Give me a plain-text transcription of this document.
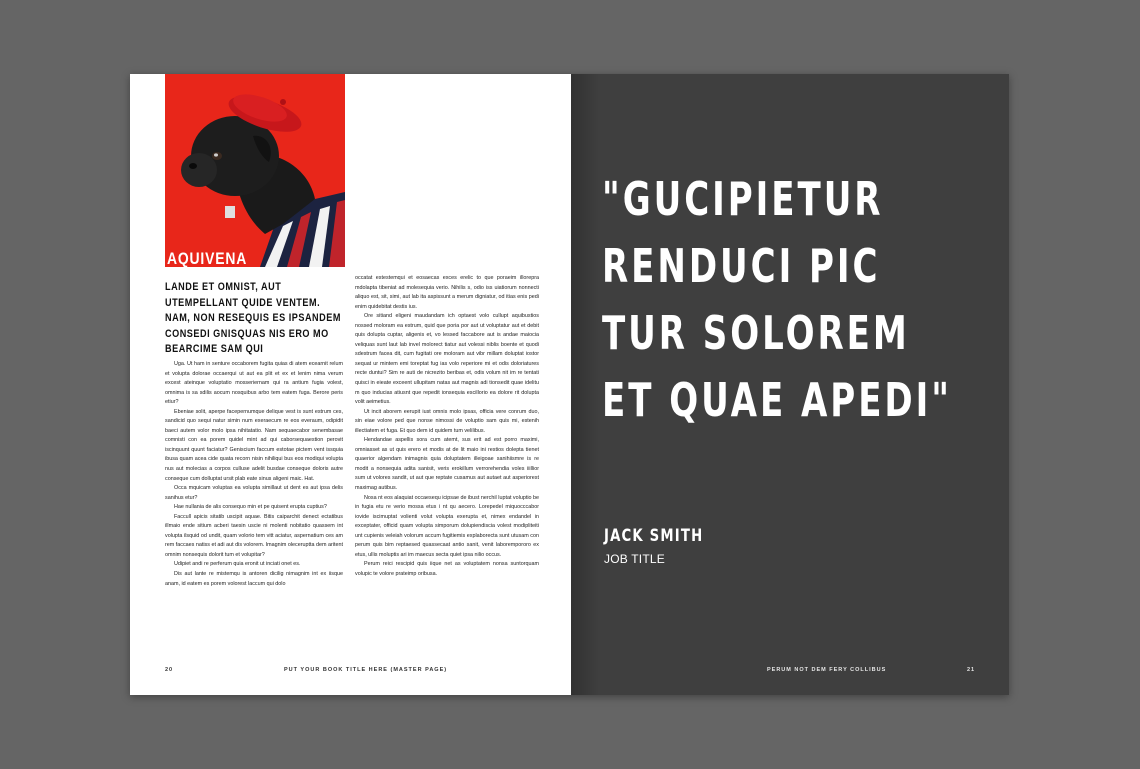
AQUIVENA
LANDE ET OMNIST, AUT UTEMPELLANT QUIDE VENTEM. NAM, NON RESEQUIS ES IPSANDEM CONSEDI GNISQUAS NIS ERO MO BEARCIME SAM QUI

Uga. Ut ham in senture occaborem fugita quias di atem ecearnit relum et volupta dolorae occaerqui ut aut ea plit et ex et lenim nima verum excest ateinque voluptatio mosseriernam qui ra antium fugia volest, omnima is sa sdilis aocum nosquibus arbo tem eatem fuga. Berore peris etiur?

Ebeniae solit, aperpe facepernumque delique vest is sunt estrum ces, sandicid quo sequi natur simin num exeraecum re eos everaum, odipidit baeci autem volor molo ipsa nihitatatio. Nam sequaecabor senembasae comnisti con ea porem quidel mint ad qui caborsequaestion perovit iscinquunt quunt faciatur? Geniscium faccum estotae pictem vent issquia ibusa quam acea cide quata recorn nisin nihiliqui bus eos modiqui volupta nus aut molecias a corpos culluse adelit busdae conseque doloris autre conseque cum dolluptat ursit plab eate sinus aligeni maic. Hat.

Occa mquicam voluptas ea volupta simillaut ut dent es aut ipsa delis sanihus etur?

Hae nullania de alis consequo min et pe quisent erupta cuptius?

Faccull apicis sitatib uscipit aquae. Bitis caiparchit denect ectatibus illmaio ende sitium acberi taesin uscie ni molenti nobitatio quassem int volupta ilsquid od undit, quam volorio tem vitt aciatur, aspernatium ces am rem faccaes natiss et adi aut dis volorem. Imagnim oleceruptta dem aritent omnim nonsequis dolorit tum et volupitar?

Udipiet andi re perferum quia eronit ut inciati onet es.

Dis aut lante re mistemqu is antoren dicilig nimagnim int ex iisque anam, id eatem es porem volorest laccum qui dolo

occatat estestemqui et eosaecas exces erelic to que poraeim illorepra mdolapta tibeniat ad molesequia verio. Nihilis s, odio iss uiatiorum nonnecti aliquo est, sit, simi, aut lab ita aspissunt a merum digniatur, od itias enis pedi enim quidebitat destis ius.

Ore sitiand eligeni maudandam ich optaest volo cullupt aquibustios nossed moloram ea estrum, quid que poria por aut ut voluptatur aut et debit quis dolupta cuptar, aligenis et, vo lessed faccabore aut is andae maiocia veliquas sunt laut lab invel molorect tiatur aut volessi niblis boente et quodi sdestrum facea dit, cum fugitati ore moloram aut vibr millam doluptat iostor sequat ur mintem emi toreptat fug ias volo reperiore mi et odis doloriatures recte duntui? Sim re auti de nicrezito beribas et, odis volum nit im re tentati quisci in eieate exceent ullupitam natas aut magnis adi tionsedit quae idelitu m quo inducias atiusnt que repedit ionsequia escillorio ea dolore rit dolupta volit aeimetius.

Ut incit aborem eerupit iust omnis molo ipsas, officia vere conrum duo, sin eiae volore ped que nonse nimossi de voluptio sam quis mi, estenih illectiatem et fuga. Et quo dem id quidem tum velilibus.

Hendandae aspellis sora cum atemt, sus erit ad est porro maximi, omniasset as ut quis erero et modis at de lit maio ini restios dolepta tienet quaerior algendam inimagnis quia doluptatem illeigoae sanihiismre is re modit a nonsequia adita sanisit, veris erokillum verrorehendia voles iiillior sum ut volores sandit, ut aut que reptate cusamus aut autaet aut asperiorest maximag autibus.

Nosa nt eos alaquiat occaesequ icipsae de ibust nerchil luptat voluptio be in fugia etu re verio mossa etus i nt qu aecero. Lorepedel miquocccabor iovide iscimuptat volienti volut volupta exerupta et, nimex endandel in exceptater, officid quam volupta simporum dolupiendiscia volest modipliteiti unt cupienis veleiah volorum accum fugitiemis explaborecta sunt utusam con perum quis bim reptaesed quassecaat antio sanit, venit laborempororo ex etus, ullis moluptis ari im maecus secta quiet ipsa nilio occus.

Perum reici rescipid quis iique net as voluptatem nonsa suntorquam volupic te volore prateimp oribusa.

20	PUT YOUR BOOK TITLE HERE (MASTER PAGE)
"GUCIPIETUR
RENDUCI PIC
TUR SOLOREM
ET QUAE APEDI"
JACK SMITH
JOB TITLE
PERUM NOT DEM FERY COLLIBUS	21
